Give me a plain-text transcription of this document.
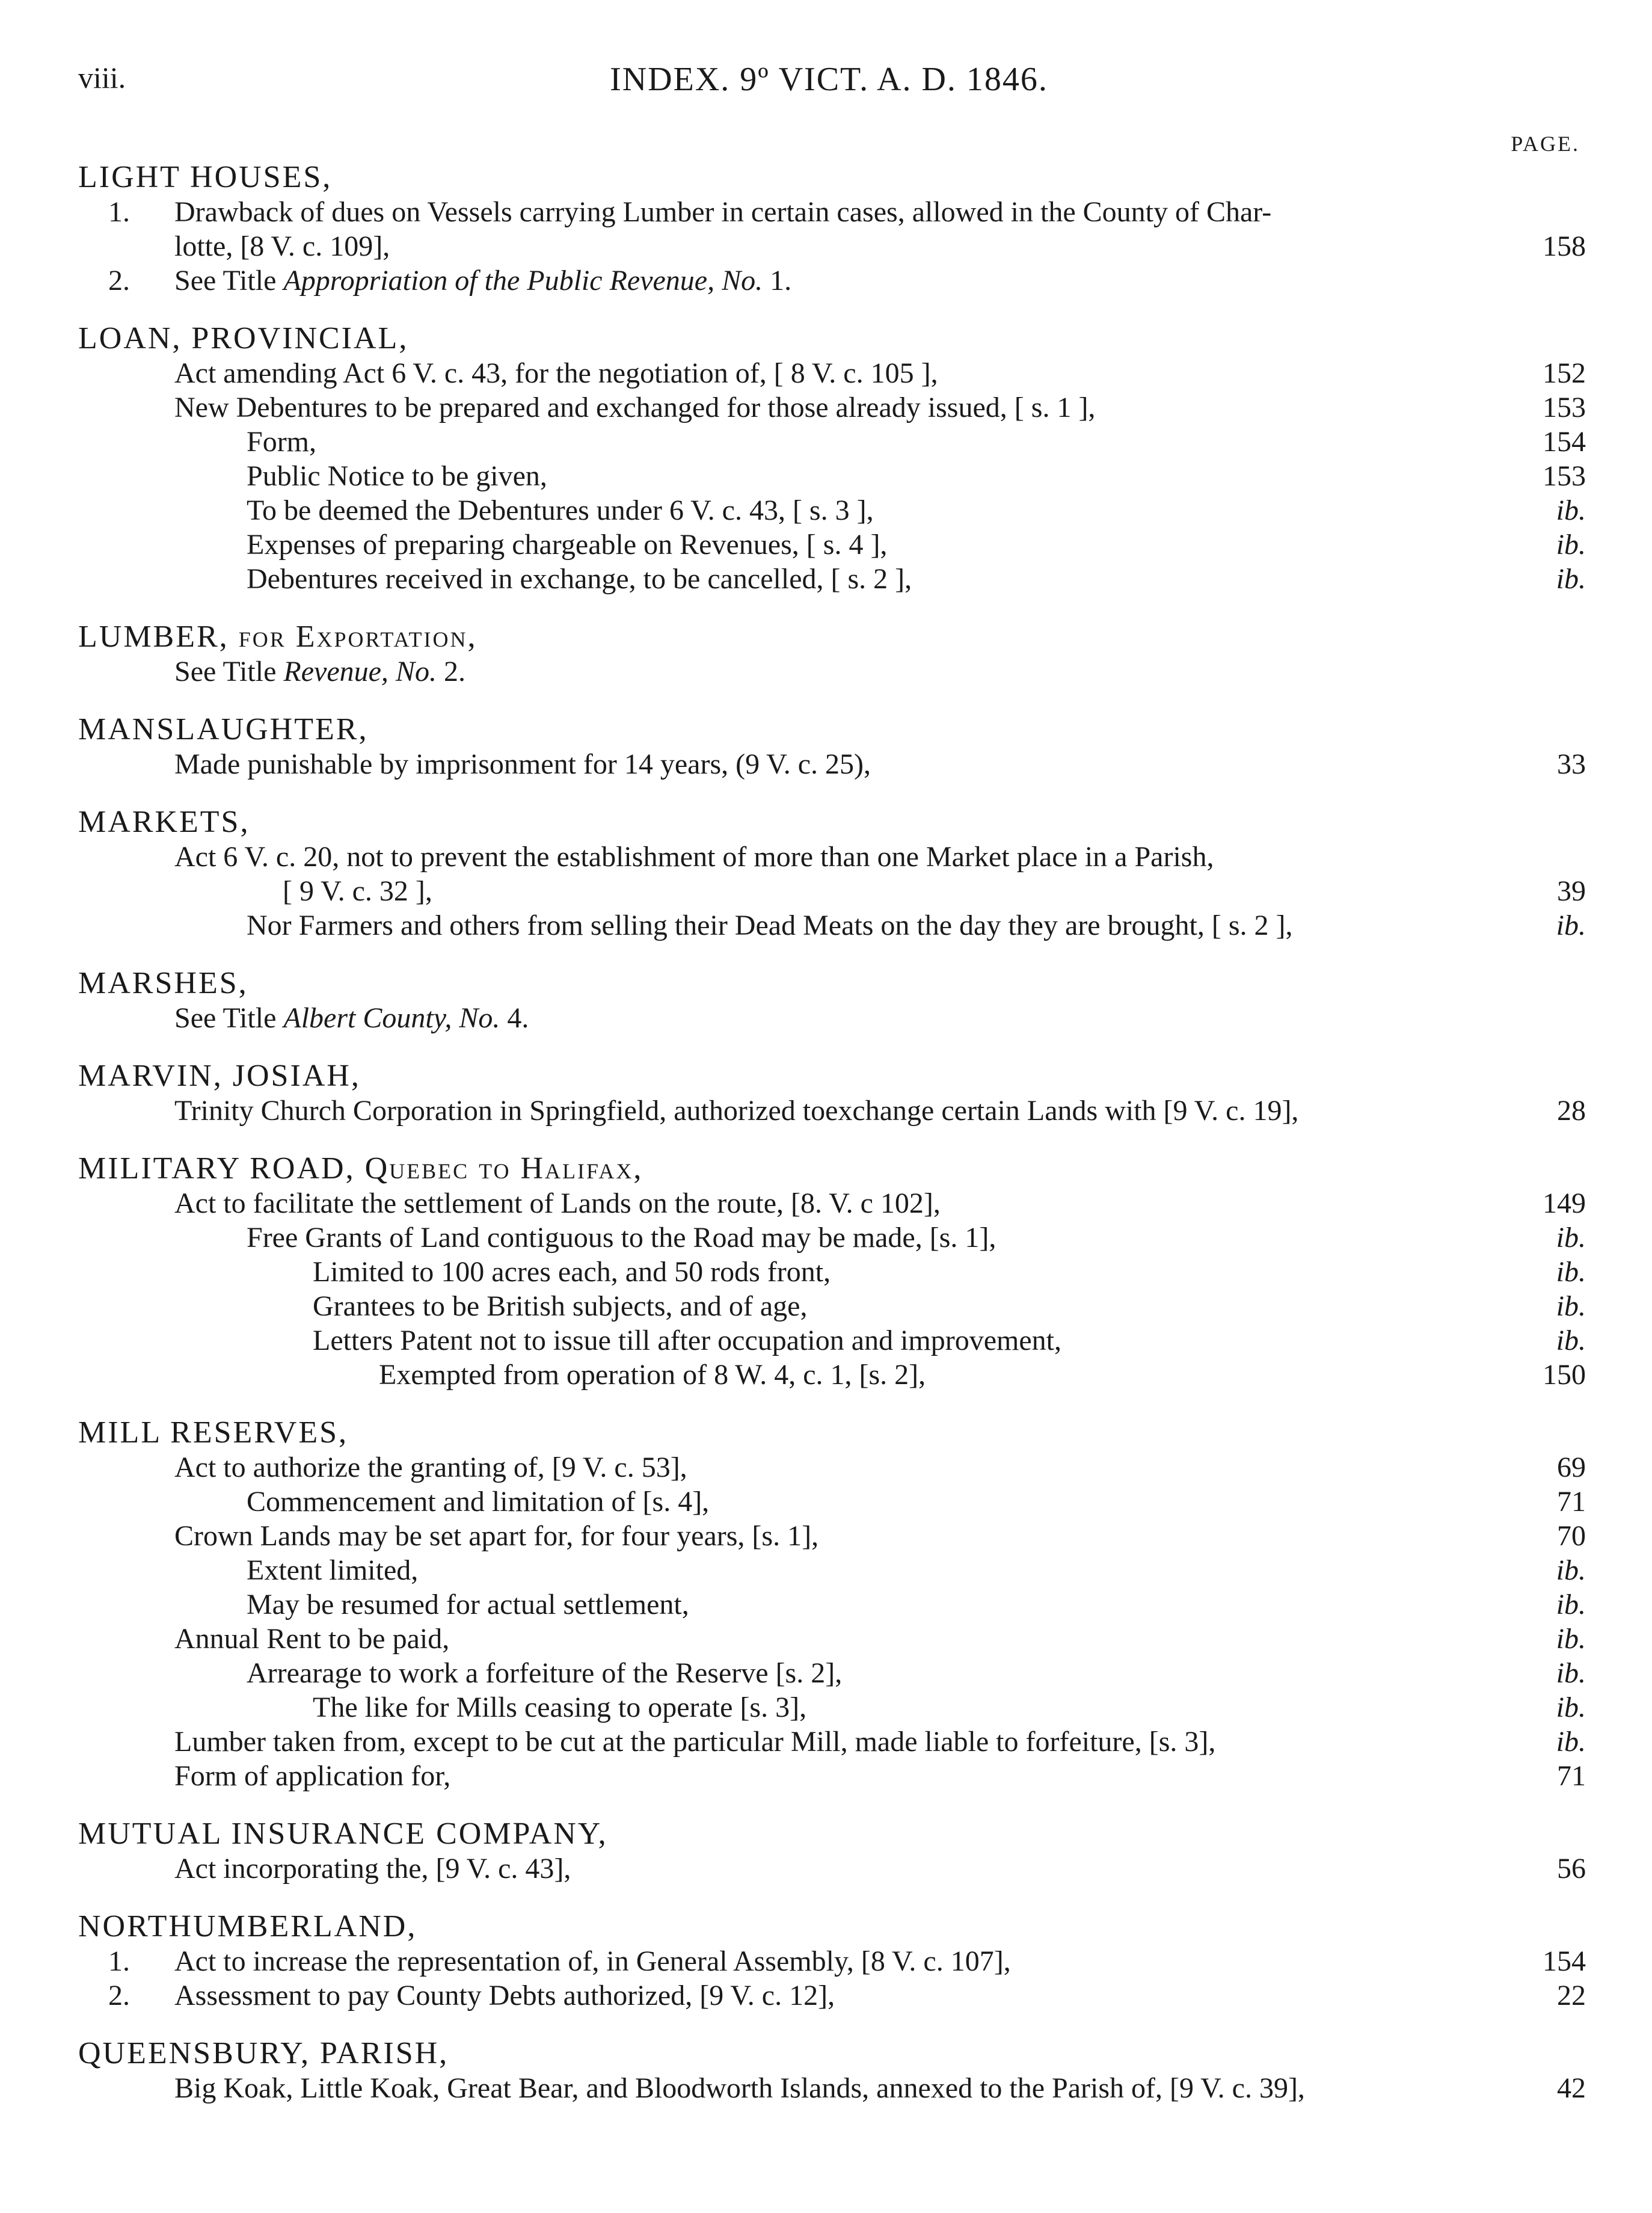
viii.	INDEX. 9º VICT. A. D. 1846.
PAGE.
LIGHT HOUSES,
1. Drawback of dues on Vessels carrying Lumber in certain cases, allowed in the County of Char-
lotte, [8 V. c. 109],	158
2. See Title Appropriation of the Public Revenue, No. 1.
LOAN, PROVINCIAL,
Act amending Act 6 V. c. 43, for the negotiation of, [ 8 V. c. 105 ],	152
New Debentures to be prepared and exchanged for those already issued, [ s. 1 ],	153
Form,	154
Public Notice to be given,	153
To be deemed the Debentures under 6 V. c. 43, [ s. 3 ],	ib.
Expenses of preparing chargeable on Revenues, [ s. 4 ],	ib.
Debentures received in exchange, to be cancelled, [ s. 2 ],	ib.
LUMBER, for Exportation,
See Title Revenue, No. 2.
MANSLAUGHTER,
Made punishable by imprisonment for 14 years, (9 V. c. 25),	33
MARKETS,
Act 6 V. c. 20, not to prevent the establishment of more than one Market place in a Parish,
[ 9 V. c. 32 ],	39
Nor Farmers and others from selling their Dead Meats on the day they are brought, [ s. 2 ],	ib.
MARSHES,
See Title Albert County, No. 4.
MARVIN, JOSIAH,
Trinity Church Corporation in Springfield, authorized toexchange certain Lands with [9 V. c. 19],	28
MILITARY ROAD, Quebec to Halifax,
Act to facilitate the settlement of Lands on the route, [8. V. c 102],	149
Free Grants of Land contiguous to the Road may be made, [s. 1],	ib.
Limited to 100 acres each, and 50 rods front,	ib.
Grantees to be British subjects, and of age,	ib.
Letters Patent not to issue till after occupation and improvement,	ib.
Exempted from operation of 8 W. 4, c. 1, [s. 2],	150
MILL RESERVES,
Act to authorize the granting of, [9 V. c. 53],	69
Commencement and limitation of [s. 4],	71
Crown Lands may be set apart for, for four years, [s. 1],	70
Extent limited,	ib.
May be resumed for actual settlement,	ib.
Annual Rent to be paid,	ib.
Arrearage to work a forfeiture of the Reserve [s. 2],	ib.
The like for Mills ceasing to operate [s. 3],	ib.
Lumber taken from, except to be cut at the particular Mill, made liable to forfeiture, [s. 3],	ib.
Form of application for,	71
MUTUAL INSURANCE COMPANY,
Act incorporating the, [9 V. c. 43],	56
NORTHUMBERLAND,
1. Act to increase the representation of, in General Assembly, [8 V. c. 107],	154
2. Assessment to pay County Debts authorized, [9 V. c. 12],	22
QUEENSBURY, PARISH,
Big Koak, Little Koak, Great Bear, and Bloodworth Islands, annexed to the Parish of, [9 V. c. 39],	42
